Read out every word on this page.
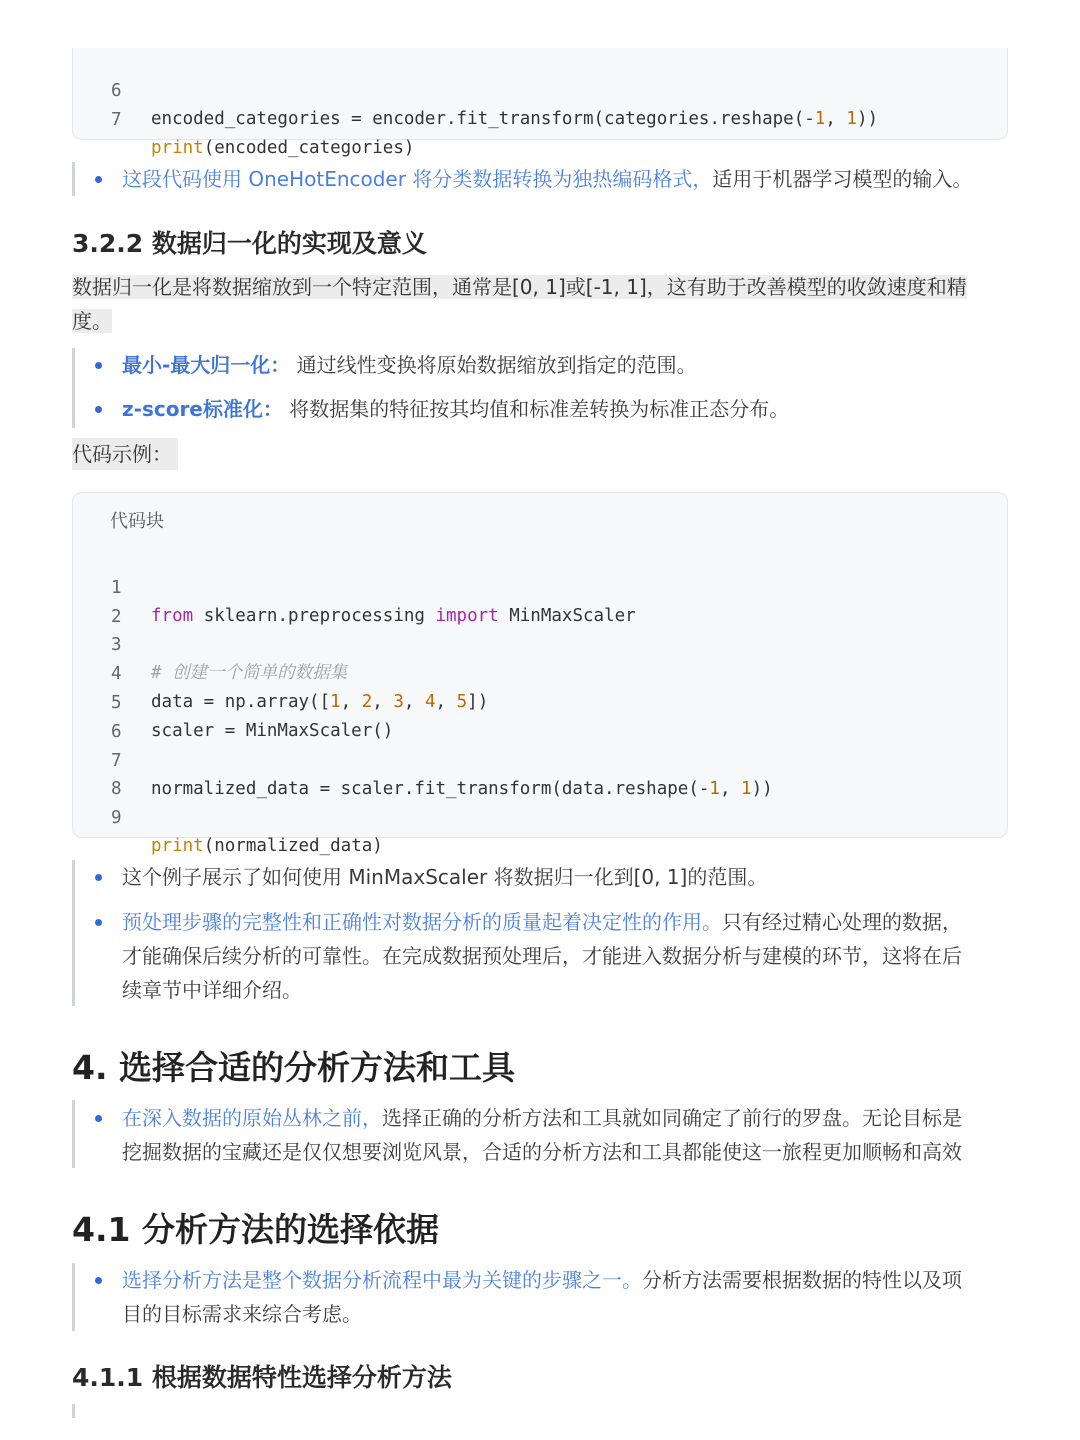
6

encoded_categories = encoder.fit_transform(categories.reshape(-1, 1))

7

print(encoded_categories)

这段代码使用 OneHotEncoder 将分类数据转换为独热编码格式，适用于机器学习模型的输入。
3.2.2 数据归一化的实现及意义
数据归一化是将数据缩放到一个特定范围，通常是[0, 1]或[-1, 1]，这有助于改善模型的收敛速度和精
度。
最小-最大归一化： 通过线性变换将原始数据缩放到指定的范围。
z-score标准化： 将数据集的特征按其均值和标准差转换为标准正态分布。
代码示例：
代码块

1

from sklearn.preprocessing import MinMaxScaler

2

3

# 创建一个简单的数据集

4

data = np.array([1, 2, 3, 4, 5])

5

scaler = MinMaxScaler()

6

7

normalized_data = scaler.fit_transform(data.reshape(-1, 1))

8

9

print(normalized_data)

这个例子展示了如何使用 MinMaxScaler 将数据归一化到[0, 1]的范围。
预处理步骤的完整性和正确性对数据分析的质量起着决定性的作用。只有经过精心处理的数据，
才能确保后续分析的可靠性。在完成数据预处理后，才能进入数据分析与建模的环节，这将在后
续章节中详细介绍。
4. 选择合适的分析方法和工具
在深入数据的原始丛林之前，选择正确的分析方法和工具就如同确定了前行的罗盘。无论目标是
挖掘数据的宝藏还是仅仅想要浏览风景，合适的分析方法和工具都能使这一旅程更加顺畅和高效
4.1 分析方法的选择依据
选择分析方法是整个数据分析流程中最为关键的步骤之一。分析方法需要根据数据的特性以及项
目的目标需求来综合考虑。
4.1.1 根据数据特性选择分析方法
